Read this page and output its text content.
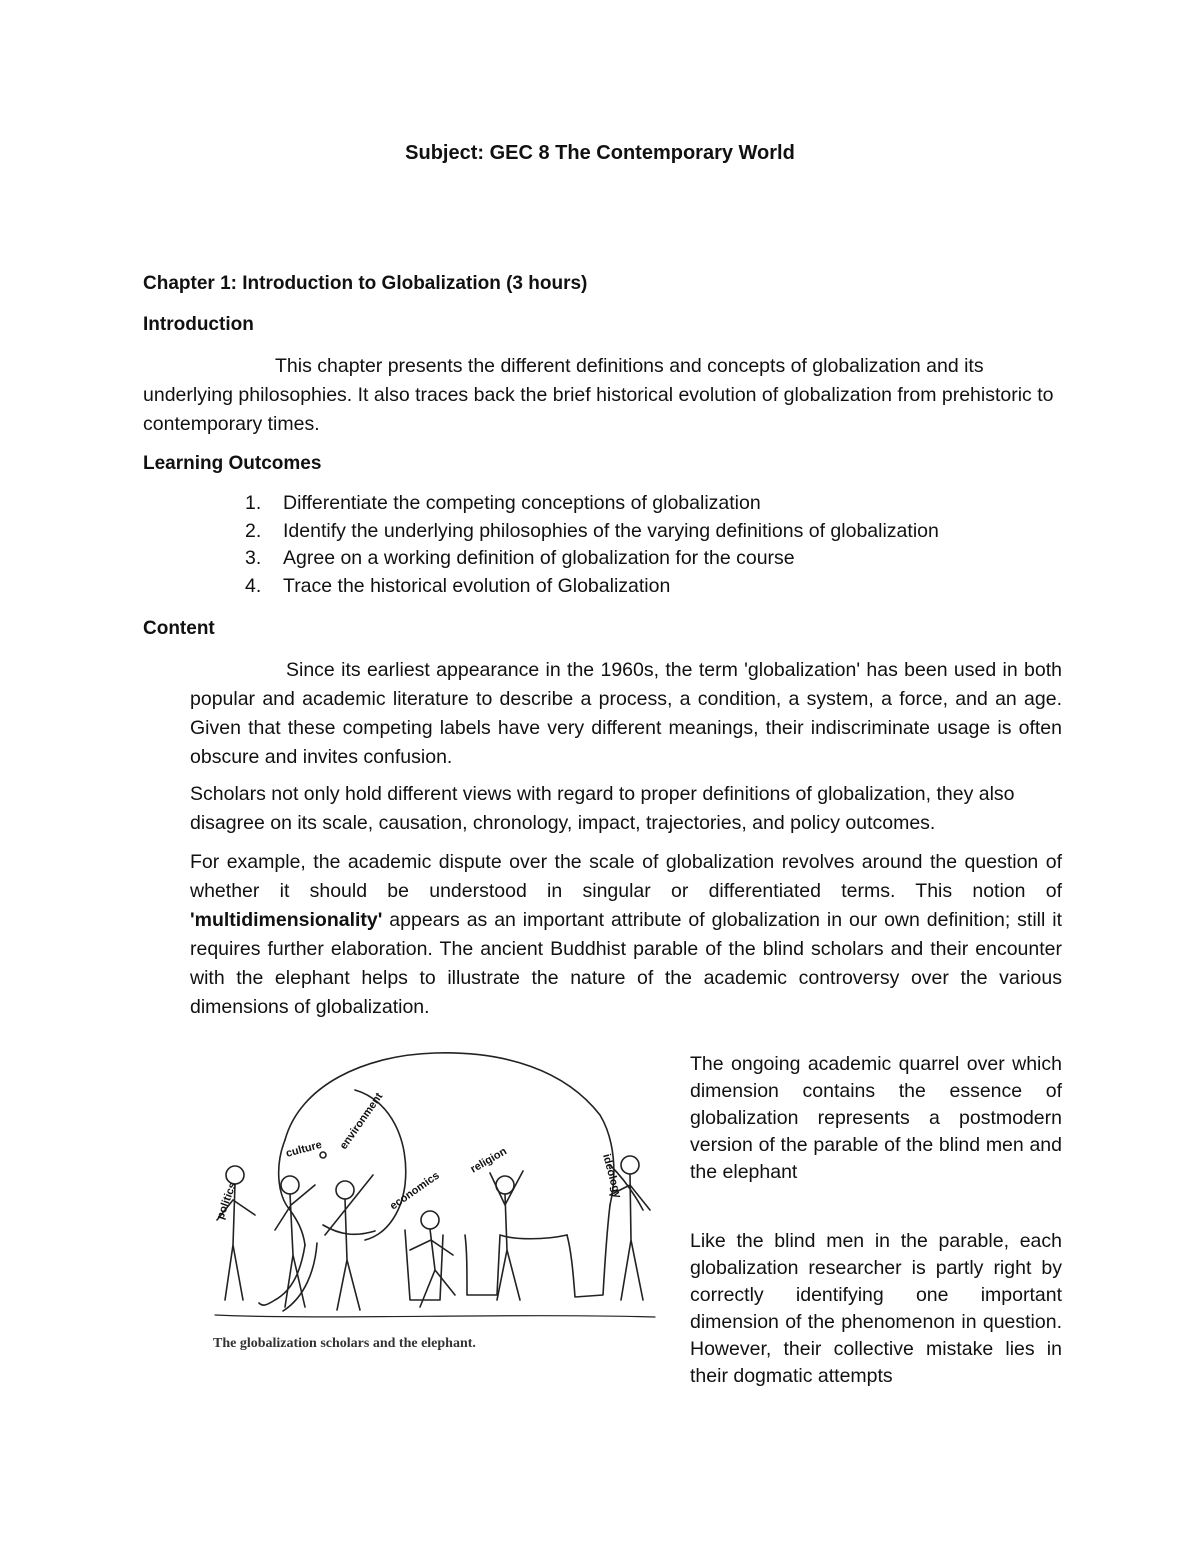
Subject: GEC 8 The Contemporary World
Chapter 1: Introduction to Globalization (3 hours)
Introduction
This chapter presents the different definitions and concepts of globalization and its underlying philosophies. It also traces back the brief historical evolution of globalization from prehistoric to contemporary times.
Learning Outcomes
1. Differentiate the competing conceptions of globalization
2. Identify the underlying philosophies of the varying definitions of globalization
3. Agree on a working definition of globalization for the course
4. Trace the historical evolution of Globalization
Content
Since its earliest appearance in the 1960s, the term 'globalization' has been used in both popular and academic literature to describe a process, a condition, a system, a force, and an age. Given that these competing labels have very different meanings, their indiscriminate usage is often obscure and invites confusion.
Scholars not only hold different views with regard to proper definitions of globalization, they also disagree on its scale, causation, chronology, impact, trajectories, and policy outcomes.
For example, the academic dispute over the scale of globalization revolves around the question of whether it should be understood in singular or differentiated terms. This notion of 'multidimensionality' appears as an important attribute of globalization in our own definition; still it requires further elaboration. The ancient Buddhist parable of the blind scholars and their encounter with the elephant helps to illustrate the nature of the academic controversy over the various dimensions of globalization.
culture environment
politics	economics
religion	ideology
The globalization scholars and the elephant.
The ongoing academic quarrel over which dimension contains the essence of globalization represents a postmodern version of the parable of the blind men and the elephant
Like the blind men in the parable, each globalization researcher is partly right by correctly identifying one important dimension of the phenomenon in question. However, their collective mistake lies in their dogmatic attempts
